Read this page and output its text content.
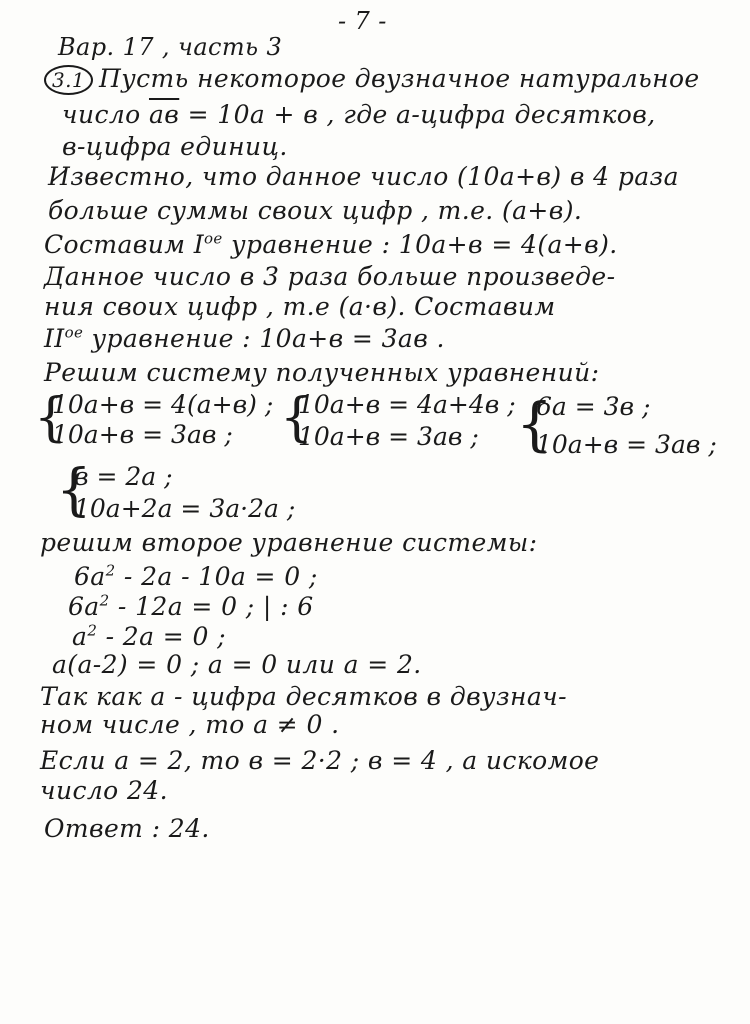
- 7 -
Вар. 17 , часть 3
3.1 Пусть некоторое двузначное натуральное
число ав = 10а + в , где а-цифра десятков,
в-цифра единиц.
Известно, что данное число (10а+в) в 4 раза
больше суммы своих цифр , т.е. (а+в).
Составим $I^{ое}$ уравнение : 10а+в = 4(а+в).
Данное число в 3 раза больше произведе-
ния своих цифр , т.е (а·в). Составим
$II^{ое}$ уравнение : 10а+в = 3ав .
Решим систему полученных уравнений:
{
10а+в = 4(а+в) ;
10а+в = 3ав ; {
10а+в = 4а+4в ;
10а+в = 3ав ; {
6а = 3в ;
10а+в = 3ав ;
{
в = 2а ;
10а+2а = 3а·2а ;
решим второе уравнение системы:
$6а^2 - 2а - 10а = 0$ ;
$6а^2 - 12а = 0$ ; | : 6
$а^2 - 2а = 0$ ;
а(а-2) = 0 ; а = 0 или а = 2.
Так как а - цифра десятков в двузнач-
ном числе , то а ≠ 0 .
Если а = 2, то в = 2·2 ; в = 4 , а искомое
число 24.
Ответ : 24.
